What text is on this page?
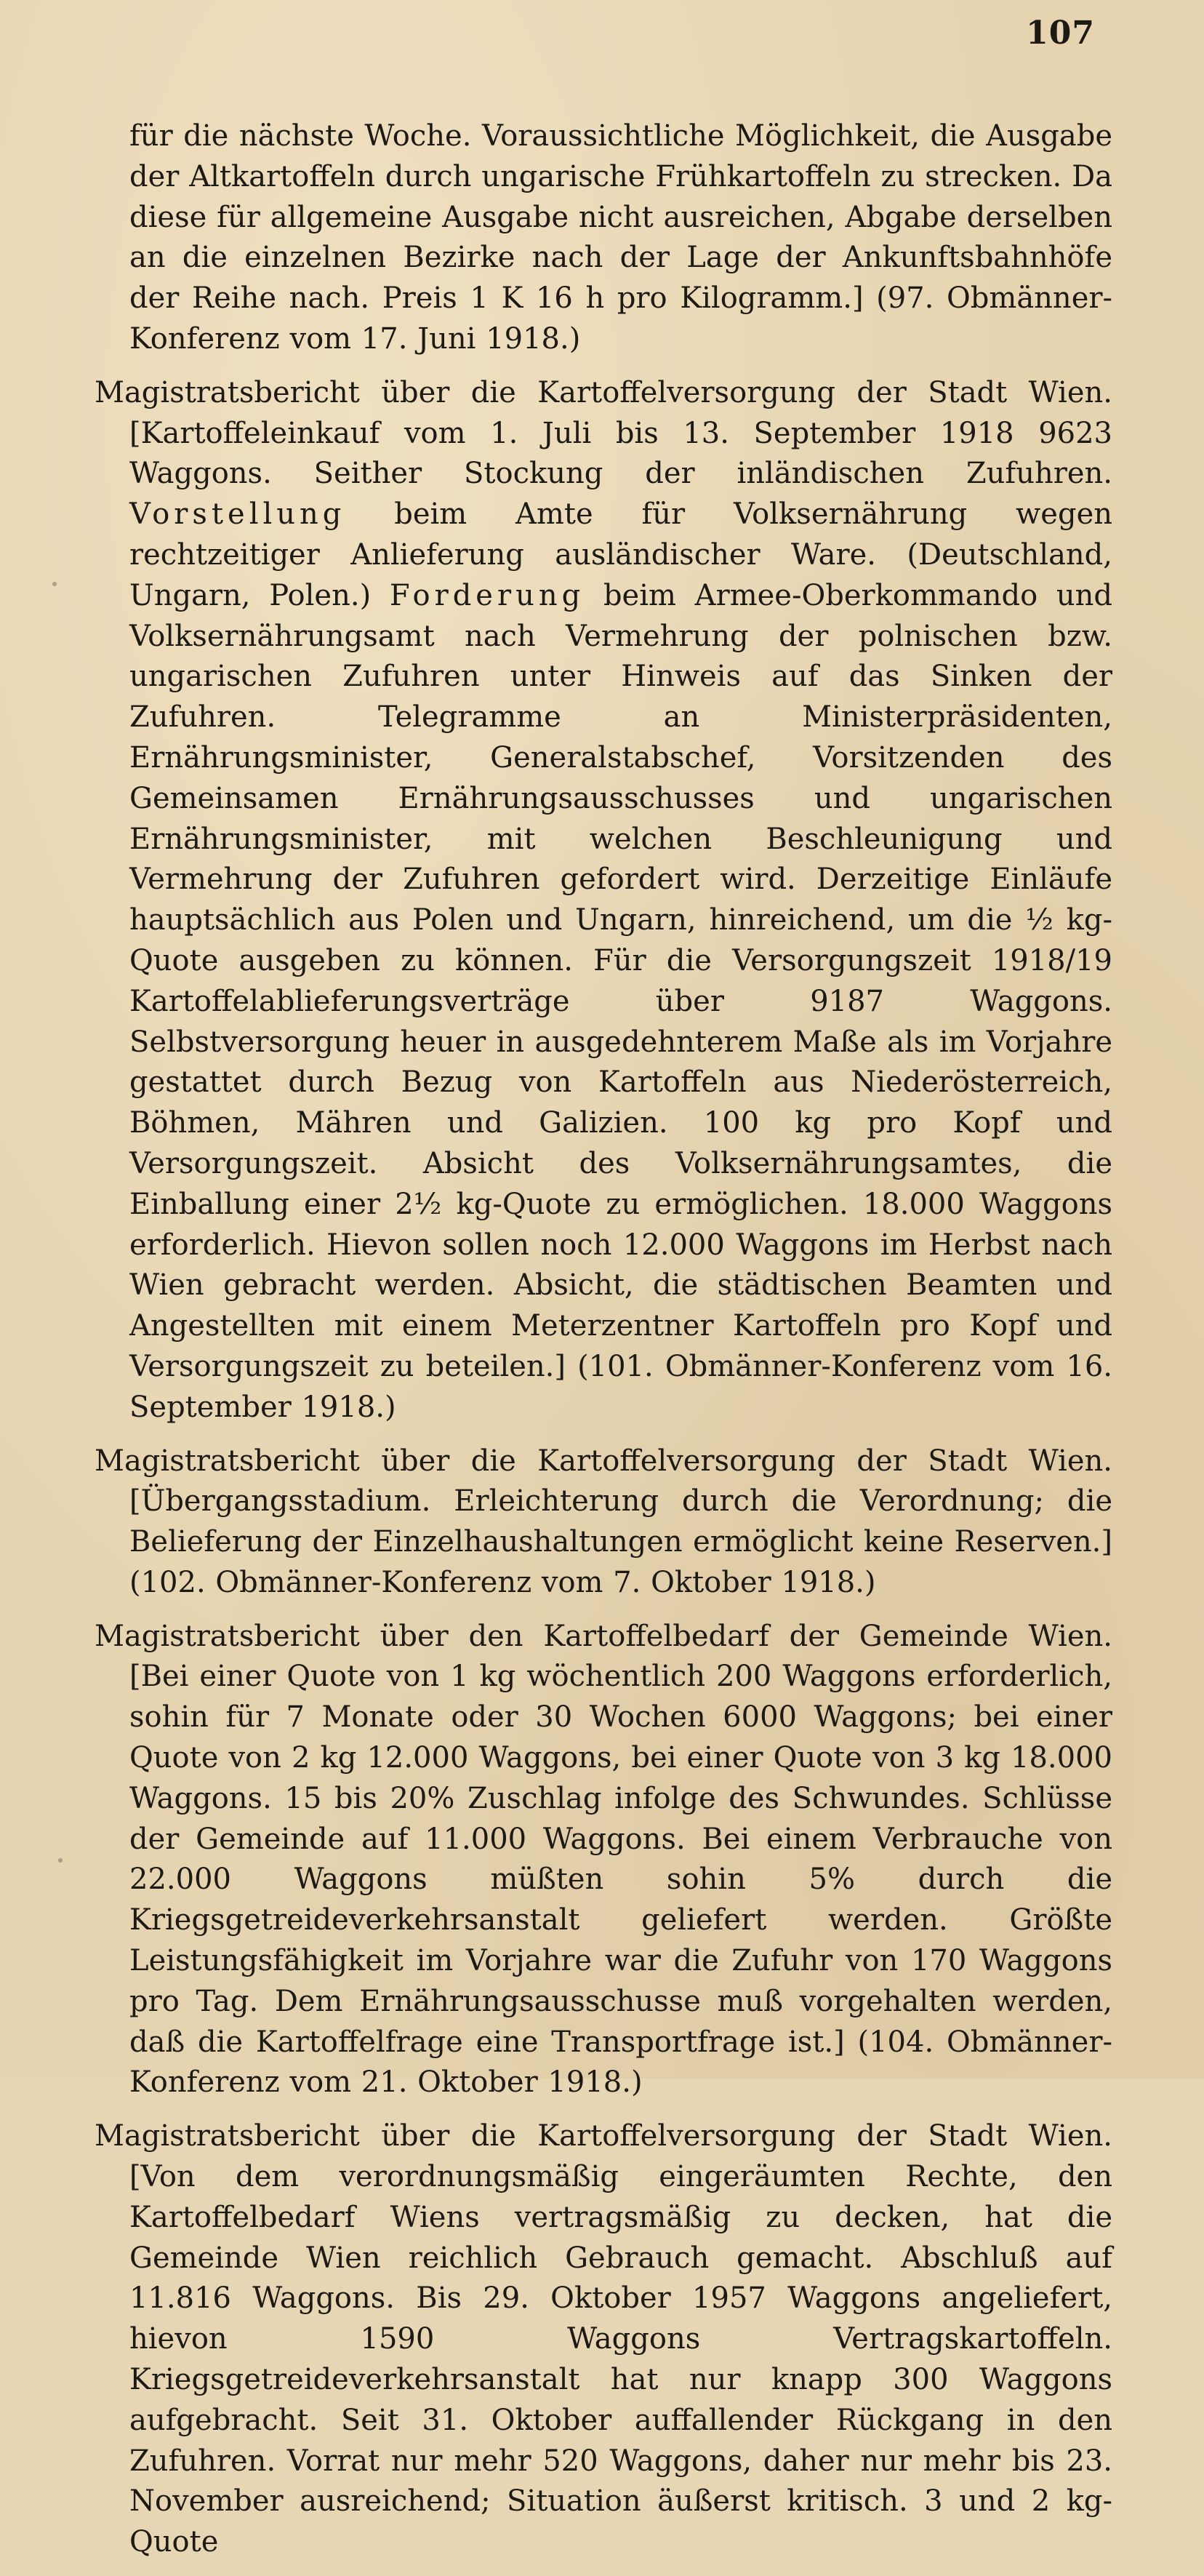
107

für die nächste Woche. Voraussichtliche Möglichkeit, die Ausgabe der Altkartoffeln durch ungarische Frühkartoffeln zu strecken. Da diese für allgemeine Ausgabe nicht ausreichen, Abgabe derselben an die einzelnen Bezirke nach der Lage der Ankunftsbahnhöfe der Reihe nach. Preis 1 K 16 h pro Kilogramm.] (97. Obmänner-Konferenz vom 17. Juni 1918.)

Magistratsbericht über die Kartoffelversorgung der Stadt Wien. [Kartoffeleinkauf vom 1. Juli bis 13. September 1918 9623 Waggons. Seither Stockung der inländischen Zufuhren. Vorstellung beim Amte für Volksernährung wegen rechtzeitiger Anlieferung ausländischer Ware. (Deutschland, Ungarn, Polen.) Forderung beim Armee-Oberkommando und Volksernährungsamt nach Vermehrung der polnischen bzw. ungarischen Zufuhren unter Hinweis auf das Sinken der Zufuhren. Telegramme an Ministerpräsidenten, Ernährungsminister, Generalstabschef, Vorsitzenden des Gemeinsamen Ernährungsausschusses und ungarischen Ernährungsminister, mit welchen Beschleunigung und Vermehrung der Zufuhren gefordert wird. Derzeitige Einläufe hauptsächlich aus Polen und Ungarn, hinreichend, um die ½ kg-Quote ausgeben zu können. Für die Versorgungszeit 1918/19 Kartoffelablieferungsverträge über 9187 Waggons. Selbstversorgung heuer in ausgedehnterem Maße als im Vorjahre gestattet durch Bezug von Kartoffeln aus Niederösterreich, Böhmen, Mähren und Galizien. 100 kg pro Kopf und Versorgungszeit. Absicht des Volksernährungsamtes, die Einballung einer 2½ kg-Quote zu ermöglichen. 18.000 Waggons erforderlich. Hievon sollen noch 12.000 Waggons im Herbst nach Wien gebracht werden. Absicht, die städtischen Beamten und Angestellten mit einem Meterzentner Kartoffeln pro Kopf und Versorgungszeit zu beteilen.] (101. Obmänner-Konferenz vom 16. September 1918.)

Magistratsbericht über die Kartoffelversorgung der Stadt Wien. [Übergangsstadium. Erleichterung durch die Verordnung; die Belieferung der Einzelhaushaltungen ermöglicht keine Reserven.] (102. Obmänner-Konferenz vom 7. Oktober 1918.)

Magistratsbericht über den Kartoffelbedarf der Gemeinde Wien. [Bei einer Quote von 1 kg wöchentlich 200 Waggons erforderlich, sohin für 7 Monate oder 30 Wochen 6000 Waggons; bei einer Quote von 2 kg 12.000 Waggons, bei einer Quote von 3 kg 18.000 Waggons. 15 bis 20% Zuschlag infolge des Schwundes. Schlüsse der Gemeinde auf 11.000 Waggons. Bei einem Verbrauche von 22.000 Waggons müßten sohin 5% durch die Kriegsgetreideverkehrsanstalt geliefert werden. Größte Leistungsfähigkeit im Vorjahre war die Zufuhr von 170 Waggons pro Tag. Dem Ernährungsausschusse muß vorgehalten werden, daß die Kartoffelfrage eine Transportfrage ist.] (104. Obmänner-Konferenz vom 21. Oktober 1918.)

Magistratsbericht über die Kartoffelversorgung der Stadt Wien. [Von dem verordnungsmäßig eingeräumten Rechte, den Kartoffelbedarf Wiens vertragsmäßig zu decken, hat die Gemeinde Wien reichlich Gebrauch gemacht. Abschluß auf 11.816 Waggons. Bis 29. Oktober 1957 Waggons angeliefert, hievon 1590 Waggons Vertragskartoffeln. Kriegsgetreideverkehrsanstalt hat nur knapp 300 Waggons aufgebracht. Seit 31. Oktober auffallender Rückgang in den Zufuhren. Vorrat nur mehr 520 Waggons, daher nur mehr bis 23. November ausreichend; Situation äußerst kritisch. 3 und 2 kg-Quote
